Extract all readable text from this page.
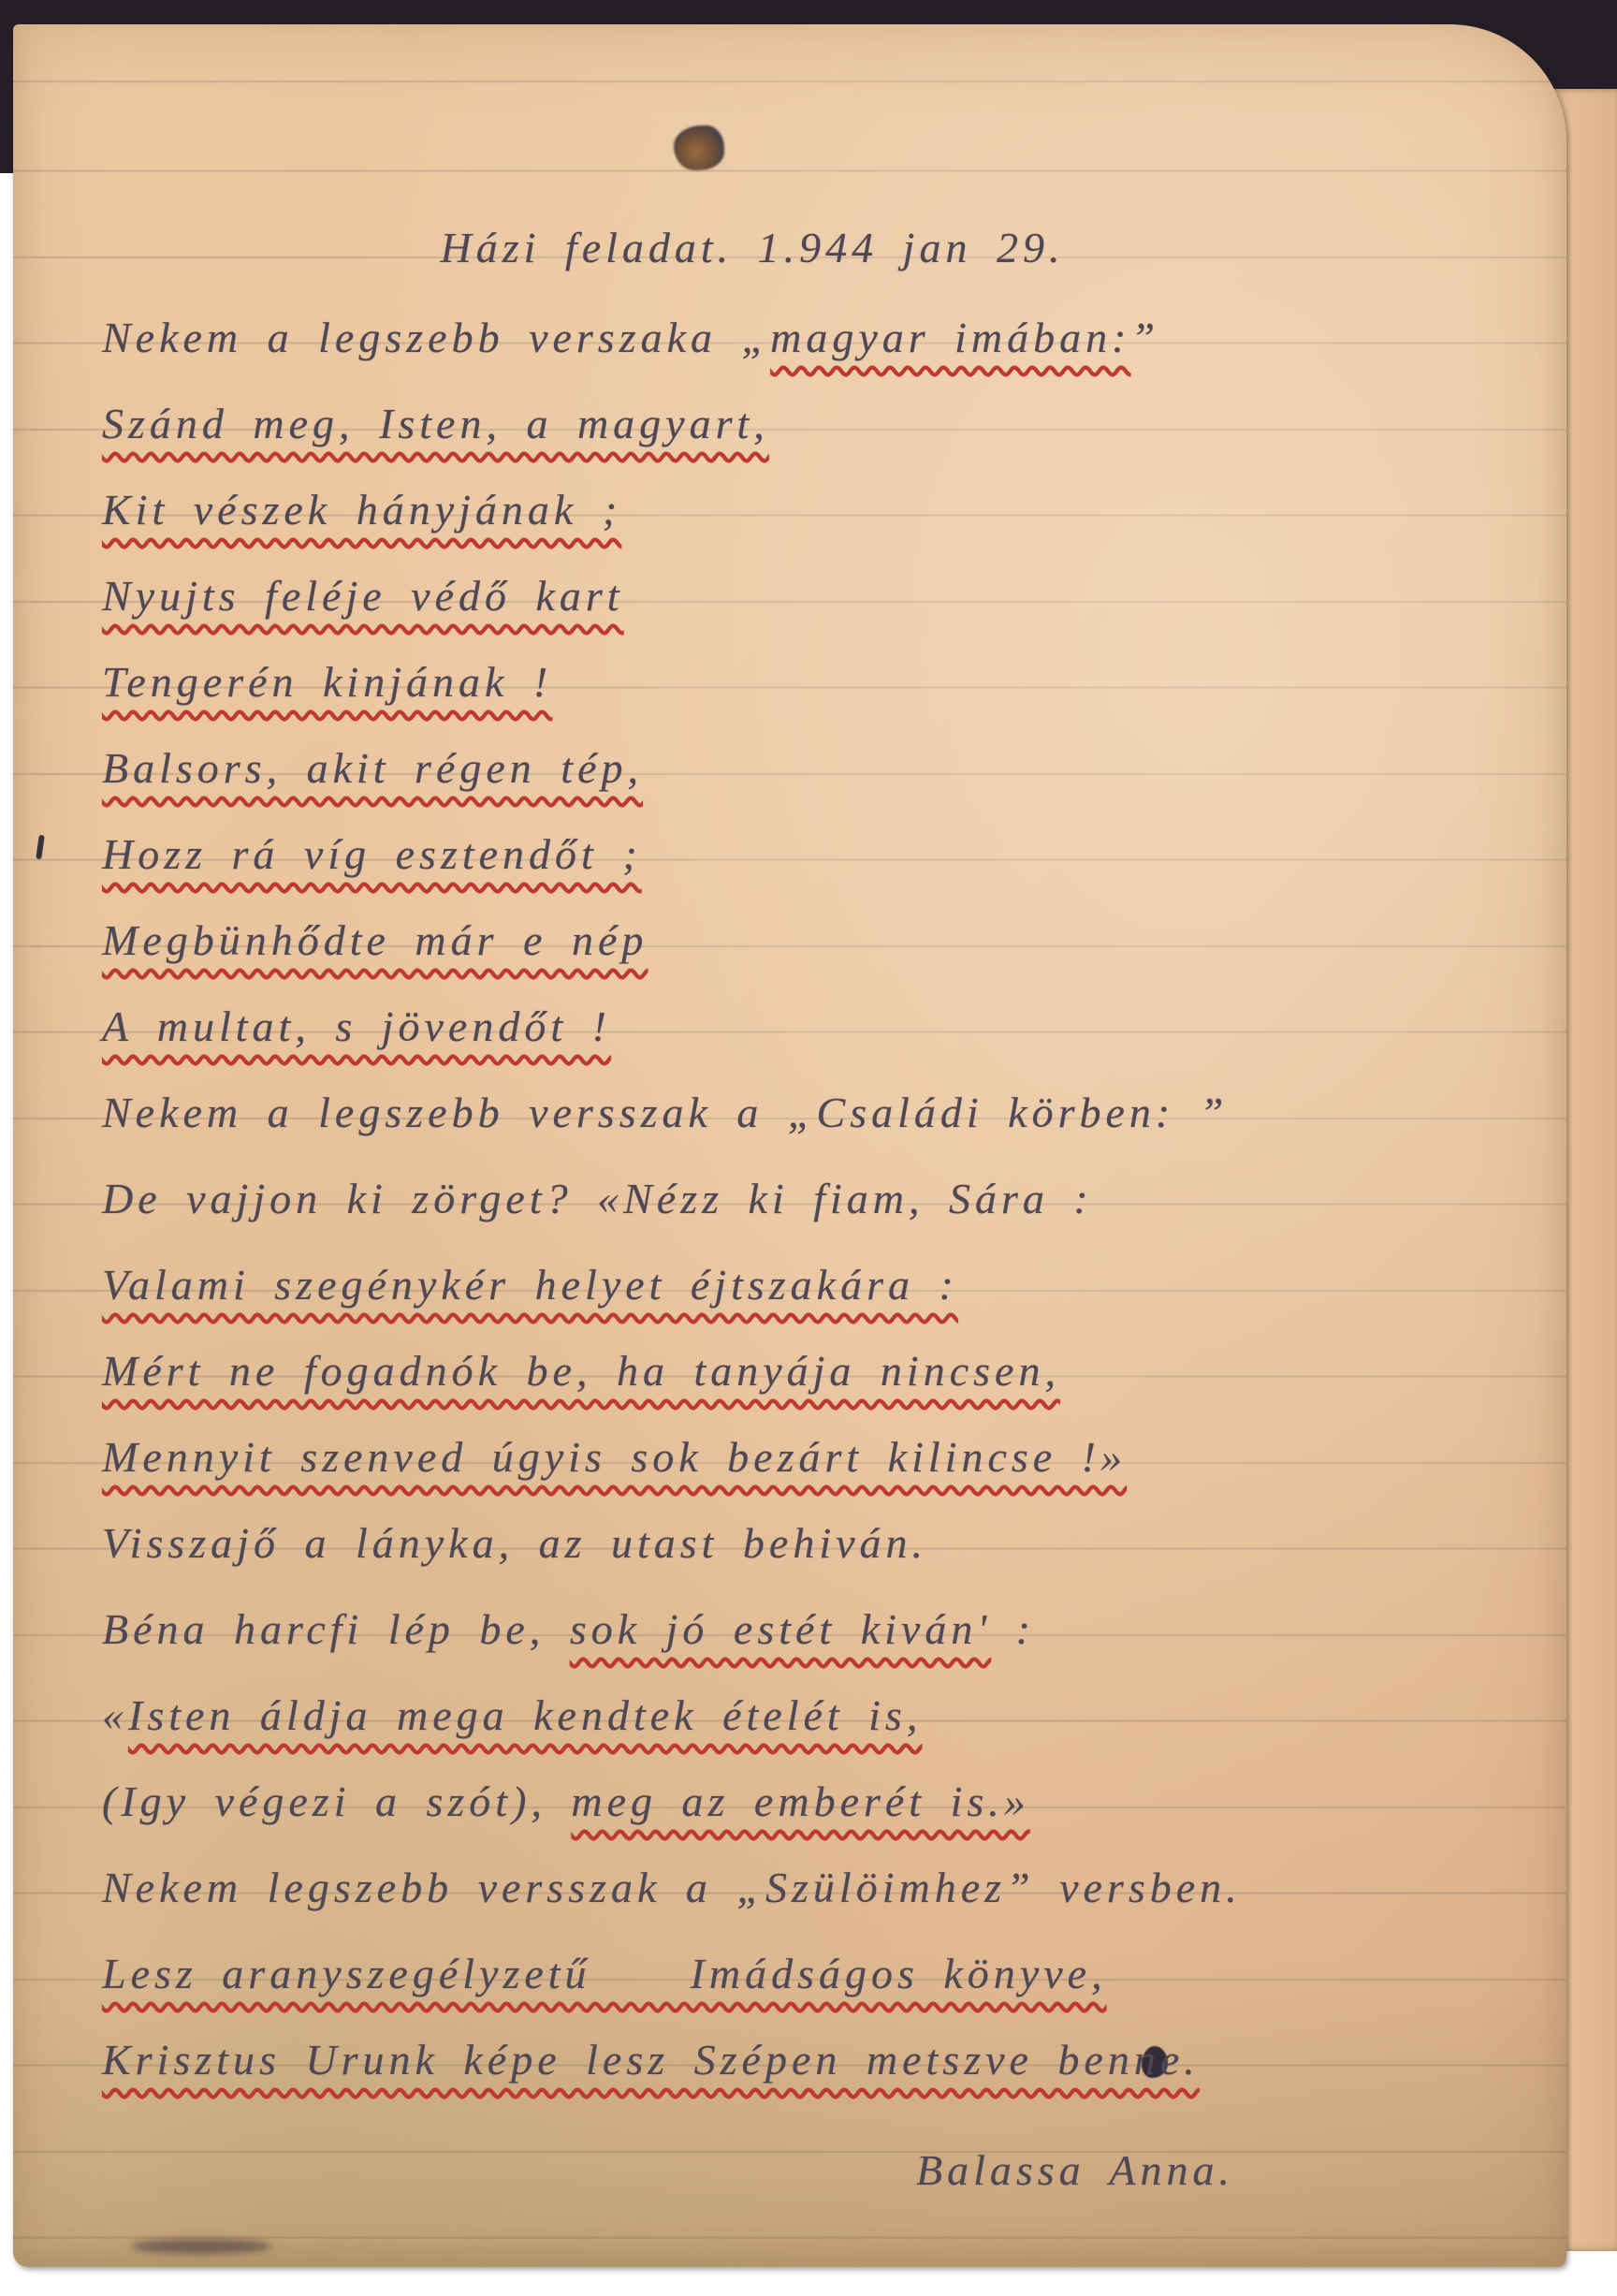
Házi feladat. 1.944 jan 29.
Nekem a legszebb verszaka „magyar imában:”
Szánd meg, Isten, a magyart,
Kit vészek hányjának ;
Nyujts feléje védő kart
Tengerén kinjának !
Balsors, akit régen tép,
Hozz rá víg esztendőt ;
Megbünhődte már e nép
A multat, s jövendőt !
Nekem a legszebb versszak a „Családi körben: ”
De vajjon ki zörget? «Nézz ki fiam, Sára :
Valami szegénykér helyet éjtszakára :
Mért ne fogadnók be, ha tanyája nincsen,
Mennyit szenved úgyis sok bezárt kilincse !»
Visszajő a lányka, az utast behiván.
Béna harcfi lép be, sok jó estét kiván' :
«Isten áldja mega kendtek ételét is,
(Igy végezi a szót), meg az emberét is.»
Nekem legszebb versszak a „Szülöimhez” versben.
Lesz aranyszegélyzetű    Imádságos könyve,
Krisztus Urunk képe lesz Szépen metszve benne.
Balassa Anna.
